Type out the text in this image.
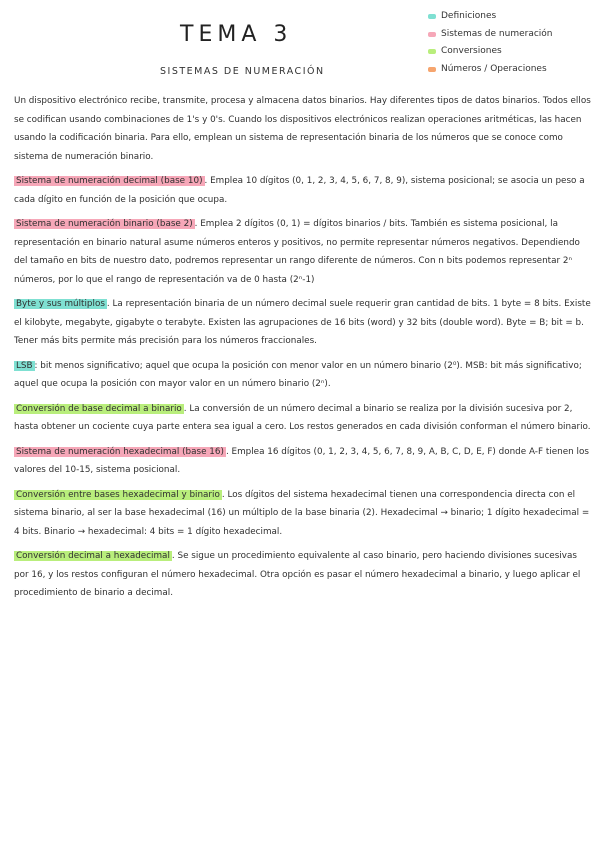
TEMA 3
SISTEMAS DE NUMERACIÓN
Definiciones
Sistemas de numeración
Conversiones
Números / Operaciones

Un dispositivo electrónico recibe, transmite, procesa y almacena datos binarios. Hay diferentes tipos de datos binarios. Todos ellos se codifican usando combinaciones de 1's y 0's. Cuando los dispositivos electrónicos realizan operaciones aritméticas, las hacen usando la codificación binaria. Para ello, emplean un sistema de representación binaria de los números que se conoce como sistema de numeración binario.

Sistema de numeración decimal (base 10) . Emplea 10 dígitos (0, 1, 2, 3, 4, 5, 6, 7, 8, 9), sistema posicional; se asocia un peso a cada dígito en función de la posición que ocupa.

Sistema de numeración binario (base 2) . Emplea 2 dígitos (0, 1) = dígitos binarios / bits. También es sistema posicional, la representación en binario natural asume números enteros y positivos, no permite representar números negativos. Dependiendo del tamaño en bits de nuestro dato, podremos representar un rango diferente de números. Con n bits podemos representar 2ⁿ números, por lo que el rango de representación va de 0 hasta (2ⁿ-1)

Byte y sus múltiplos . La representación binaria de un número decimal suele requerir gran cantidad de bits. 1 byte = 8 bits. Existe el kilobyte, megabyte, gigabyte o terabyte. Existen las agrupaciones de 16 bits (word) y 32 bits (double word). Byte = B; bit = b. Tener más bits permite más precisión para los números fraccionales.

LSB : bit menos significativo; aquel que ocupa la posición con menor valor en un número binario (2⁰). MSB: bit más significativo; aquel que ocupa la posición con mayor valor en un número binario (2ⁿ).

Conversión de base decimal a binario . La conversión de un número decimal a binario se realiza por la división sucesiva por 2, hasta obtener un cociente cuya parte entera sea igual a cero. Los restos generados en cada división conforman el número binario.

Sistema de numeración hexadecimal (base 16) . Emplea 16 dígitos (0, 1, 2, 3, 4, 5, 6, 7, 8, 9, A, B, C, D, E, F) donde A-F tienen los valores del 10-15, sistema posicional.

Conversión entre bases hexadecimal y binario . Los dígitos del sistema hexadecimal tienen una correspondencia directa con el sistema binario, al ser la base hexadecimal (16) un múltiplo de la base binaria (2). Hexadecimal → binario; 1 dígito hexadecimal = 4 bits. Binario → hexadecimal: 4 bits = 1 dígito hexadecimal.

Conversión decimal a hexadecimal . Se sigue un procedimiento equivalente al caso binario, pero haciendo divisiones sucesivas por 16, y los restos configuran el número hexadecimal. Otra opción es pasar el número hexadecimal a binario, y luego aplicar el procedimiento de binario a decimal.
